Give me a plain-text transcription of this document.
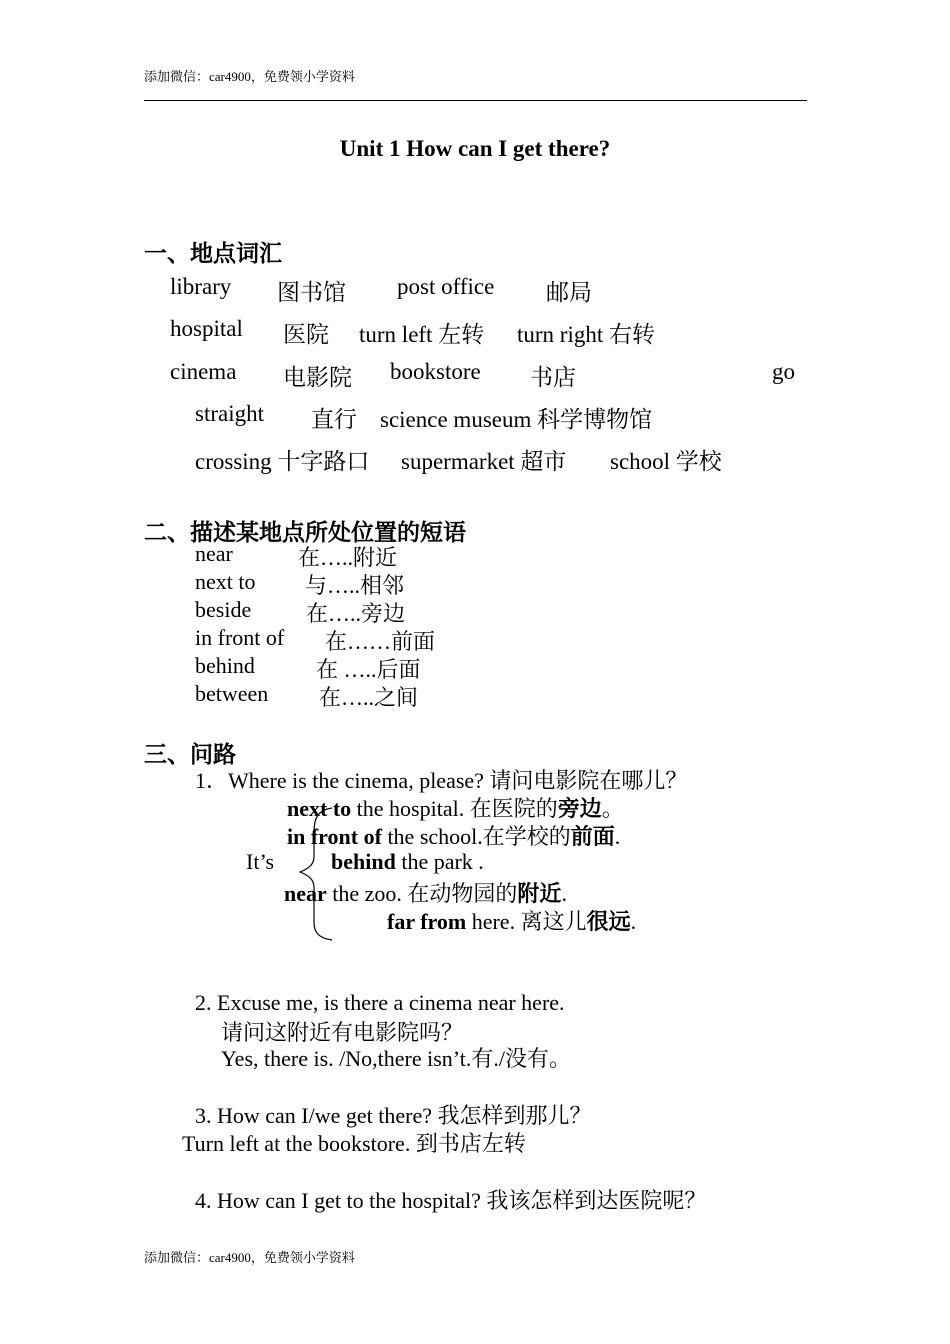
添加微信：car4900，免费领小学资料
Unit 1 How can I get there?
一、地点词汇
library 图书馆 post office 邮局
hospital 医院 turn left 左转 turn right 右转
cinema 电影院 bookstore 书店	go
straight 直行 science museum 科学博物馆
crossing 十字路口 supermarket 超市 school 学校
二、描述某地点所处位置的短语
near	在…..附近
next to 与…..相邻
beside 在…..旁边
in front of 在……前面
behind	在 …..后面
between 在…..之间
三、问路
1．Where is the cinema, please? 请问电影院在哪儿？
next to the hospital. 在医院的旁边。
in front of the school.在学校的前面.
It’s	behind the park .
near the zoo. 在动物园的附近.
far from here. 离这儿很远.
2. Excuse me, is there a cinema near here.
请问这附近有电影院吗？
Yes, there is. /No,there isn’t.有./没有。
3. How can I/we get there? 我怎样到那儿？
Turn left at the bookstore. 到书店左转
4. How can I get to the hospital? 我该怎样到达医院呢？
添加微信：car4900，免费领小学资料
